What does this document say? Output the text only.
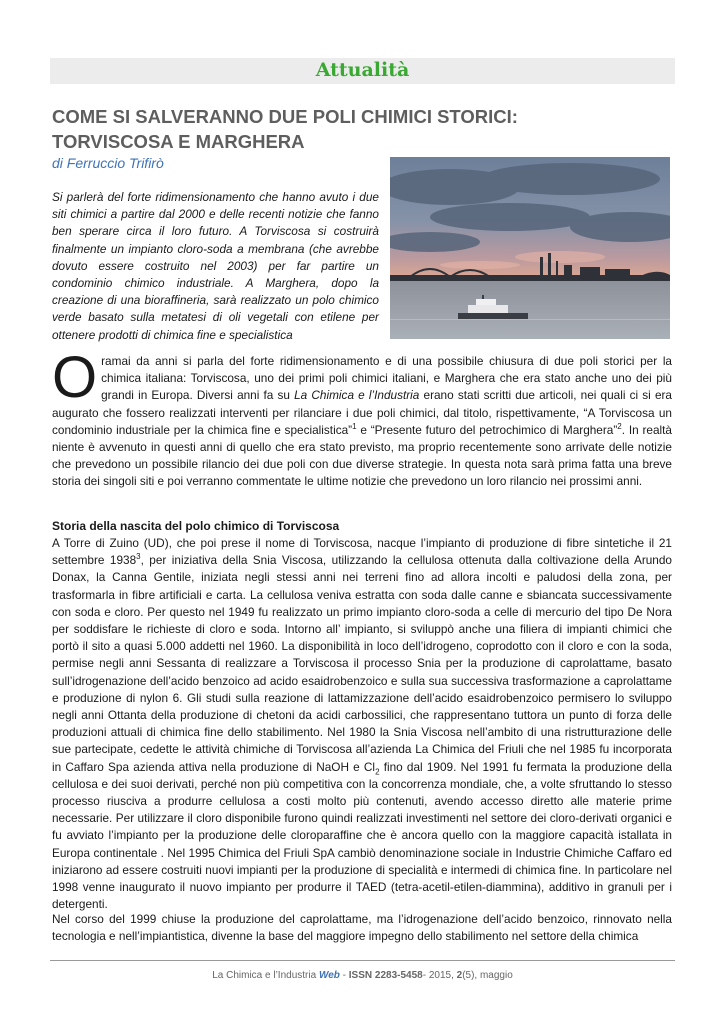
Attualità
COME SI SALVERANNO DUE POLI CHIMICI STORICI:
TORVISCOSA E MARGHERA
di Ferruccio Trifirò
Si parlerà del forte ridimensionamento che hanno avuto i due siti chimici a partire dal 2000 e delle recenti notizie che fanno ben sperare circa il loro futuro. A Torviscosa si costruirà finalmente un impianto cloro-soda a membrana (che avrebbe dovuto essere costruito nel 2003) per far partire un condominio chimico industriale. A Marghera, dopo la creazione di una bioraffineria, sarà realizzato un polo chimico verde basato sulla metatesi di oli vegetali con etilene per ottenere prodotti di chimica fine e specialistica
Oramai da anni si parla del forte ridimensionamento e di una possibile chiusura di due poli storici per la chimica italiana: Torviscosa, uno dei primi poli chimici italiani, e Marghera che era stato anche uno dei più grandi in Europa. Diversi anni fa su La Chimica e l’Industria erano stati scritti due articoli, nei quali ci si era augurato che fossero realizzati interventi per rilanciare i due poli chimici, dal titolo, rispettivamente, “A Torviscosa un condominio industriale per la chimica fine e specialistica”$^1$ e “Presente futuro del petrochimico di Marghera”$^2$. In realtà niente è avvenuto in questi anni di quello che era stato previsto, ma proprio recentemente sono arrivate delle notizie che prevedono un possibile rilancio dei due poli con due diverse strategie. In questa nota sarà prima fatta una breve storia dei singoli siti e poi verranno commentate le ultime notizie che prevedono un loro rilancio nei prossimi anni.
Storia della nascita del polo chimico di Torviscosa
A Torre di Zuino (UD), che poi prese il nome di Torviscosa, nacque l’impianto di produzione di fibre sintetiche il 21 settembre 1938$^3$, per iniziativa della Snia Viscosa, utilizzando la cellulosa ottenuta dalla coltivazione della Arundo Donax, la Canna Gentile, iniziata negli stessi anni nei terreni fino ad allora incolti e paludosi della zona, per trasformarla in fibre artificiali e carta. La cellulosa veniva estratta con soda dalle canne e sbiancata successivamente con soda e cloro. Per questo nel 1949 fu realizzato un primo impianto cloro-soda a celle di mercurio del tipo De Nora per soddisfare le richieste di cloro e soda. Intorno all’ impianto, si sviluppò anche una filiera di impianti chimici che portò il sito a quasi 5.000 addetti nel 1960. La disponibilità in loco dell’idrogeno, coprodotto con il cloro e con la soda, permise negli anni Sessanta di realizzare a Torviscosa il processo Snia per la produzione di caprolattame, basato sull’idrogenazione dell’acido benzoico ad acido esaidrobenzoico e sulla sua successiva trasformazione a caprolattame e produzione di nylon 6. Gli studi sulla reazione di lattamizzazione dell’acido esaidrobenzoico permisero lo sviluppo negli anni Ottanta della produzione di chetoni da acidi carbossilici, che rappresentano tuttora un punto di forza delle produzioni attuali di chimica fine dello stabilimento. Nel 1980 la Snia Viscosa nell’ambito di una ristrutturazione delle sue partecipate, cedette le attività chimiche di Torviscosa all’azienda La Chimica del Friuli che nel 1985 fu incorporata in Caffaro Spa azienda attiva nella produzione di NaOH e $Cl_2$ fino dal 1909. Nel 1991 fu fermata la produzione della cellulosa e dei suoi derivati, perché non più competitiva con la concorrenza mondiale, che, a volte sfruttando lo stesso processo riusciva a produrre cellulosa a costi molto più contenuti, avendo accesso diretto alle materie prime necessarie. Per utilizzare il cloro disponibile furono quindi realizzati investimenti nel settore dei cloro-derivati organici e fu avviato l’impianto per la produzione delle cloroparaffine che è ancora quello con la maggiore capacità istallata in Europa continentale . Nel 1995 Chimica del Friuli SpA cambiò denominazione sociale in Industrie Chimiche Caffaro ed iniziarono ad essere costruiti nuovi impianti per la produzione di specialità e intermedi di chimica fine. In particolare nel 1998 venne inaugurato il nuovo impianto per produrre il TAED (tetra-acetil-etilen-diammina), additivo in granuli per i detergenti.
Nel corso del 1999 chiuse la produzione del caprolattame, ma l’idrogenazione dell’acido benzoico, rinnovato nella tecnologia e nell’impiantistica, divenne la base del maggiore impegno dello stabilimento nel settore della chimica
La Chimica e l’Industria Web - ISSN 2283-5458- 2015, 2(5), maggio
